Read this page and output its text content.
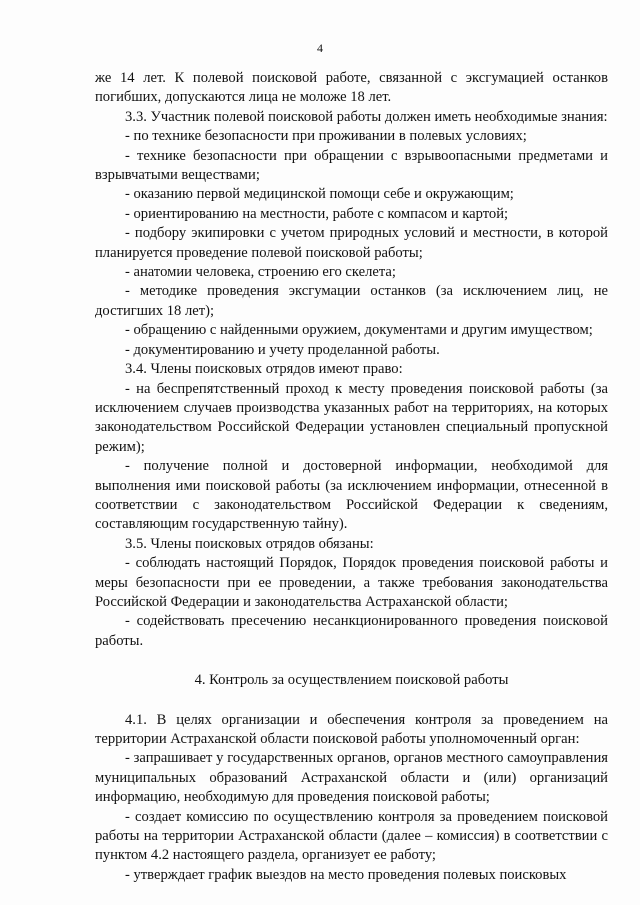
4

же 14 лет. К полевой поисковой работе, связанной с эксгумацией останков погибших, допускаются лица не моложе 18 лет.

3.3. Участник полевой поисковой работы должен иметь необходимые знания:

- по технике безопасности при проживании в полевых условиях;

- технике безопасности при обращении с взрывоопасными предметами и взрывчатыми веществами;

- оказанию первой медицинской помощи себе и окружающим;

- ориентированию на местности, работе с компасом и картой;

- подбору экипировки с учетом природных условий и местности, в которой планируется проведение полевой поисковой работы;

- анатомии человека, строению его скелета;

- методике проведения эксгумации останков (за исключением лиц, не достигших 18 лет);

- обращению с найденными оружием, документами и другим имуществом;

- документированию и учету проделанной работы.

3.4. Члены поисковых отрядов имеют право:

- на беспрепятственный проход к месту проведения поисковой работы (за исключением случаев производства указанных работ на территориях, на которых законодательством Российской Федерации установлен специальный пропускной режим);

- получение полной и достоверной информации, необходимой для выполнения ими поисковой работы (за исключением информации, отнесенной в соответствии с законодательством Российской Федерации к сведениям, составляющим государственную тайну).

3.5. Члены поисковых отрядов обязаны:

- соблюдать настоящий Порядок, Порядок проведения поисковой работы и меры безопасности при ее проведении, а также требования законодательства Российской Федерации и законодательства Астраханской области;

- содействовать пресечению несанкционированного проведения поисковой работы.

4. Контроль за осуществлением поисковой работы

4.1. В целях организации и обеспечения контроля за проведением на территории Астраханской области поисковой работы уполномоченный орган:

- запрашивает у государственных органов, органов местного самоуправления муниципальных образований Астраханской области и (или) организаций информацию, необходимую для проведения поисковой работы;

- создает комиссию по осуществлению контроля за проведением поисковой работы на территории Астраханской области (далее – комиссия) в соответствии с пунктом 4.2 настоящего раздела, организует ее работу;

- утверждает график выездов на место проведения полевых поисковых
